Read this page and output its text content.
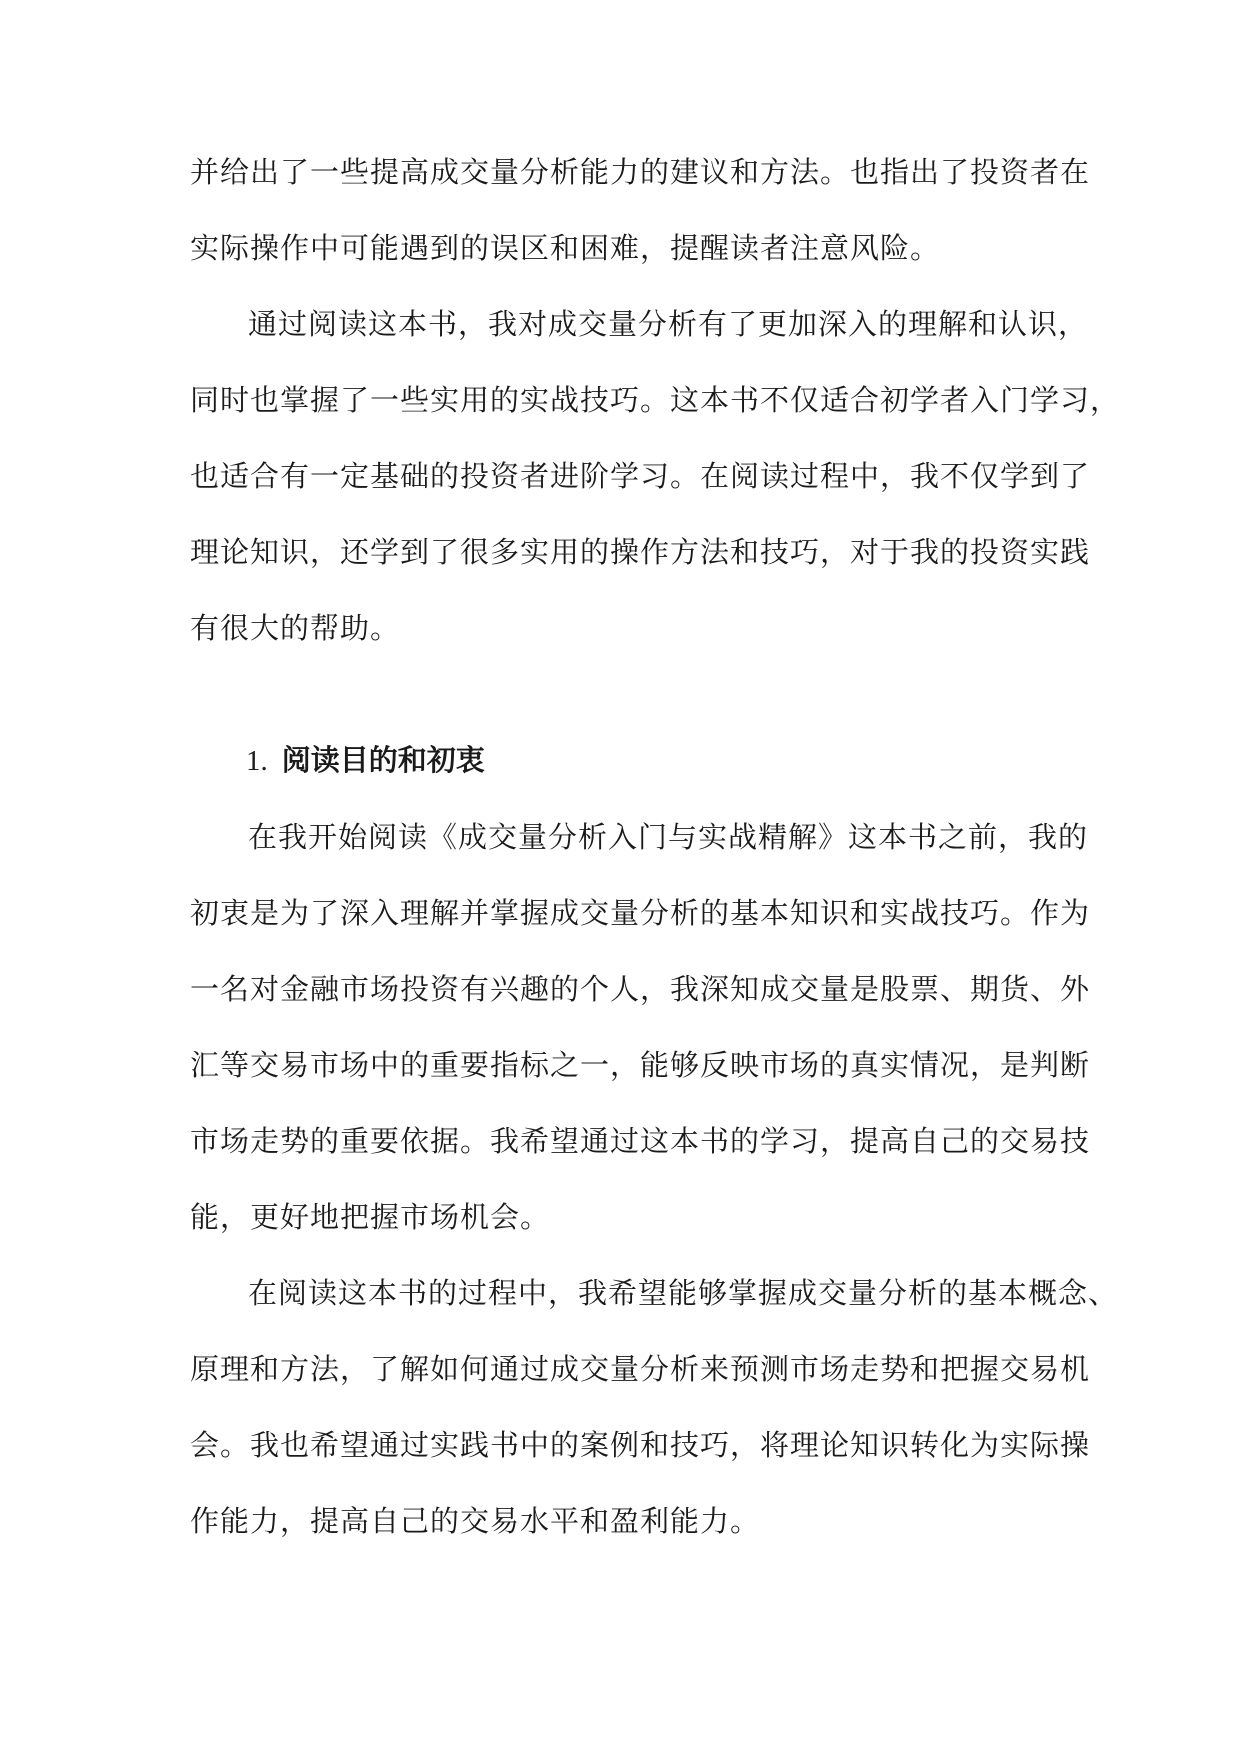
并给出了一些提高成交量分析能力的建议和方法。也指出了投资者在
实际操作中可能遇到的误区和困难，提醒读者注意风险。

通过阅读这本书，我对成交量分析有了更加深入的理解和认识，
同时也掌握了一些实用的实战技巧。这本书不仅适合初学者入门学习，
也适合有一定基础的投资者进阶学习。在阅读过程中，我不仅学到了
理论知识，还学到了很多实用的操作方法和技巧，对于我的投资实践
有很大的帮助。

1. 阅读目的和初衷

在我开始阅读《成交量分析入门与实战精解》这本书之前，我的
初衷是为了深入理解并掌握成交量分析的基本知识和实战技巧。作为
一名对金融市场投资有兴趣的个人，我深知成交量是股票、期货、外
汇等交易市场中的重要指标之一，能够反映市场的真实情况，是判断
市场走势的重要依据。我希望通过这本书的学习，提高自己的交易技
能，更好地把握市场机会。

在阅读这本书的过程中，我希望能够掌握成交量分析的基本概念、
原理和方法，了解如何通过成交量分析来预测市场走势和把握交易机
会。我也希望通过实践书中的案例和技巧，将理论知识转化为实际操
作能力，提高自己的交易水平和盈利能力。
